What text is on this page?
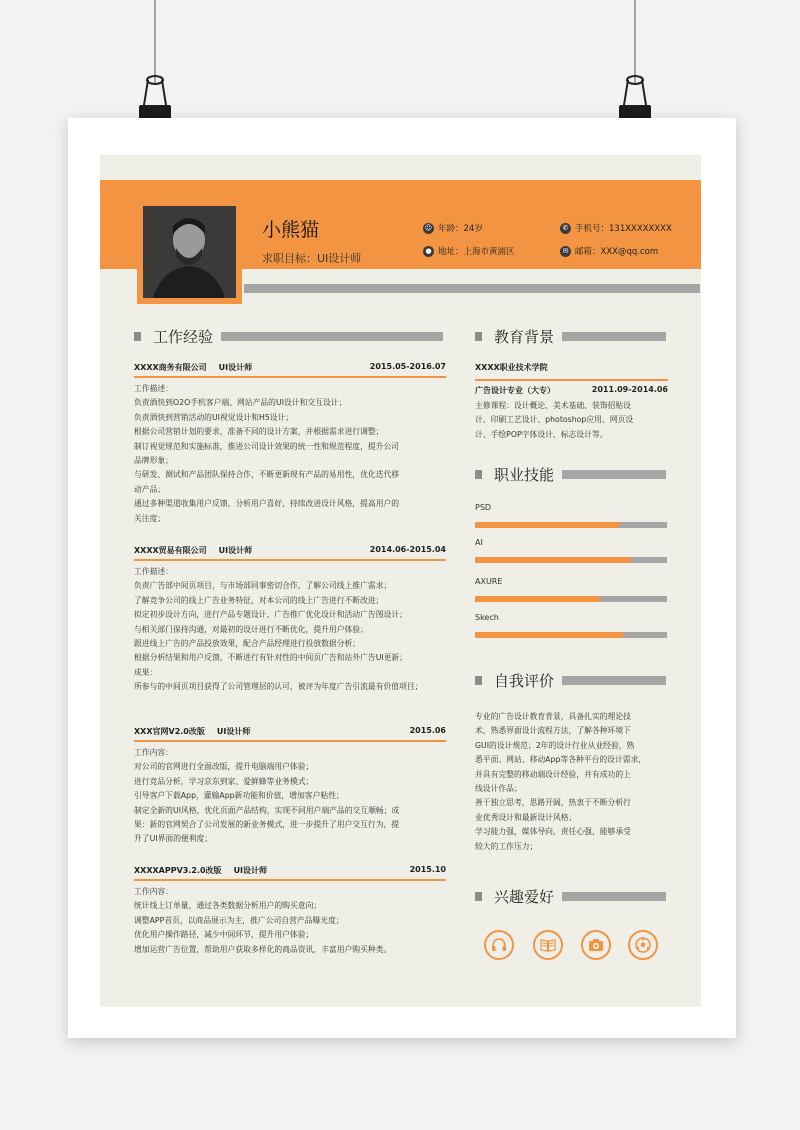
小熊猫
求职目标：UI设计师
☺ 年龄：24岁
● 地址：上海市黄浦区
✆ 手机号：131XXXXXXXX
✉ 邮箱：XXX@qq.com
工作经验
XXXX商务有限公司 UI设计师	2015.05-2016.07
工作描述：
负责酒快到O2O手机客户端、网站产品的UI设计和交互设计；
负责酒快到营销活动的UI视觉设计和H5设计；
根据公司营销计划的要求，准备不同的设计方案，并根据需求进行调整；
制订视觉规范和实施标准，推进公司设计效果的统一性和规范程度，提升公司
品牌形象；
与研发、测试和产品团队保持合作，不断更新现有产品的易用性，优化迭代移
动产品；
通过多种渠道收集用户反馈，分析用户喜好，持续改进设计风格，提高用户的
关注度；
XXXX贸易有限公司 UI设计师	2014.06-2015.04
工作描述：
负责广告部中间页项目，与市场部同事密切合作，了解公司线上推广需求；
了解竞争公司的线上广告业务特征，对本公司的线上广告进行不断改进；
拟定初步设计方向，进行产品专题设计、广告推广优化设计和活动广告图设计；
与相关部门保持沟通，对最初的设计进行不断优化，提升用户体验；
跟进线上广告的产品投放效果，配合产品经理进行投放数据分析；
根据分析结果和用户反馈，不断进行有针对性的中间页广告和站外广告UI更新；
成果：
所参与的中间页项目获得了公司管理层的认可，被评为年度广告引流最有价值项目；
XXX官网V2.0改版 UI设计师	2015.06
工作内容：
对公司的官网进行全面改版，提升电脑端用户体验；
进行竞品分析，学习京东到家、爱鲜蜂等业务模式；
引导客户下载App，灌输App新功能和价值，增加客户粘性；
制定全新的UI风格，优化页面产品结构，实现不同用户端产品的交互顺畅；成
果：新的官网契合了公司发展的新业务模式，进一步提升了用户交互行为，提
升了UI界面的便利度；
XXXXAPPV3.2.0改版 UI设计师	2015.10
工作内容：
统计线上订单量，通过各类数据分析用户的购买意向；
调整APP首页，以商品展示为主，推广公司自营产品曝光度；
优化用户操作路径，减少中间环节，提升用户体验；
增加运营广告位置，帮助用户获取多样化的商品资讯，丰富用户购买种类。
教育背景
XXXX职业技术学院
广告设计专业（大专）	2011.09-2014.06
主修课程：设计概论、美术基础、装饰招贴设
计、印刷工艺设计、photoshop应用、网页设
计、手绘POP字体设计、标志设计等。
职业技能
PSD
AI
AXURE
Skech
自我评价
专业的广告设计教育背景，具备扎实的理论技
术，熟悉界面设计流程方法，了解各种环境下
GUI的设计规范；2年的设计行业从业经验，熟
悉平面、网站、移动App等各种平台的设计需求，
并具有完整的移动端设计经验，并有成功的上
线设计作品；
善于独立思考，思路开阔，热衷于不断分析行
业优秀设计和最新设计风格；
学习能力强，媒体导向，责任心强，能够承受
较大的工作压力；
兴趣爱好
